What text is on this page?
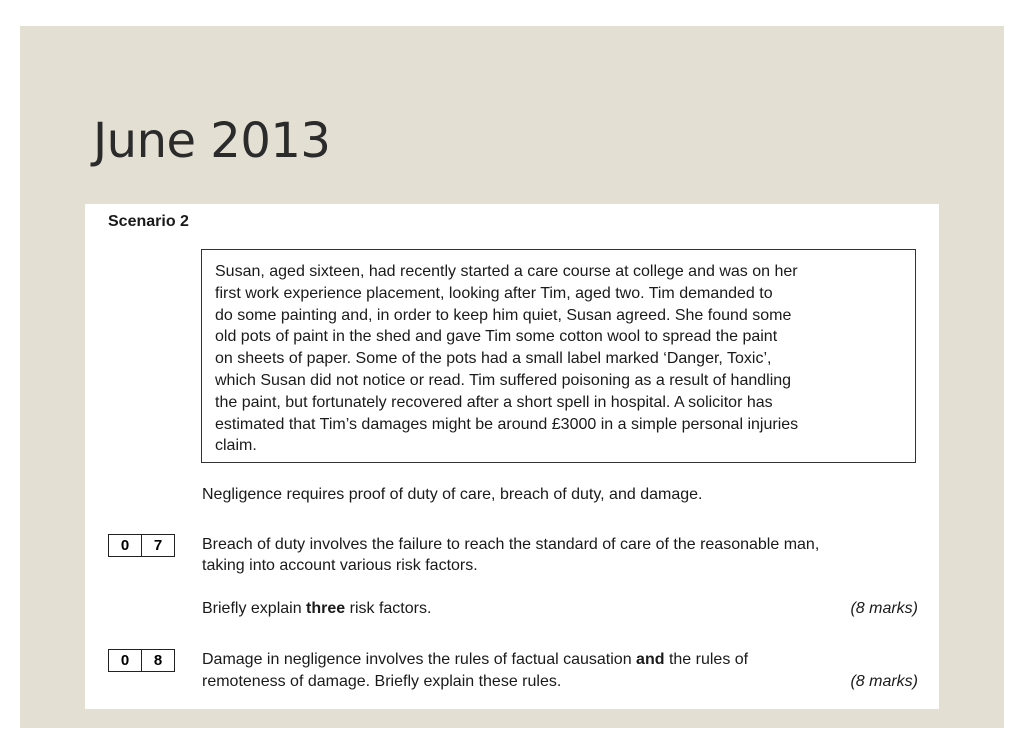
June 2013
Scenario 2
Susan, aged sixteen, had recently started a care course at college and was on her
first work experience placement, looking after Tim, aged two. Tim demanded to
do some painting and, in order to keep him quiet, Susan agreed. She found some
old pots of paint in the shed and gave Tim some cotton wool to spread the paint
on sheets of paper. Some of the pots had a small label marked ‘Danger, Toxic’,
which Susan did not notice or read. Tim suffered poisoning as a result of handling
the paint, but fortunately recovered after a short spell in hospital. A solicitor has
estimated that Tim’s damages might be around £3000 in a simple personal injuries
claim.
Negligence requires proof of duty of care, breach of duty, and damage.
0	7	Breach of duty involves the failure to reach the standard of care of the reasonable man,
taking into account various risk factors.
Briefly explain three risk factors.	(8 marks)
0	8	Damage in negligence involves the rules of factual causation and the rules of
remoteness of damage. Briefly explain these rules.	(8 marks)
